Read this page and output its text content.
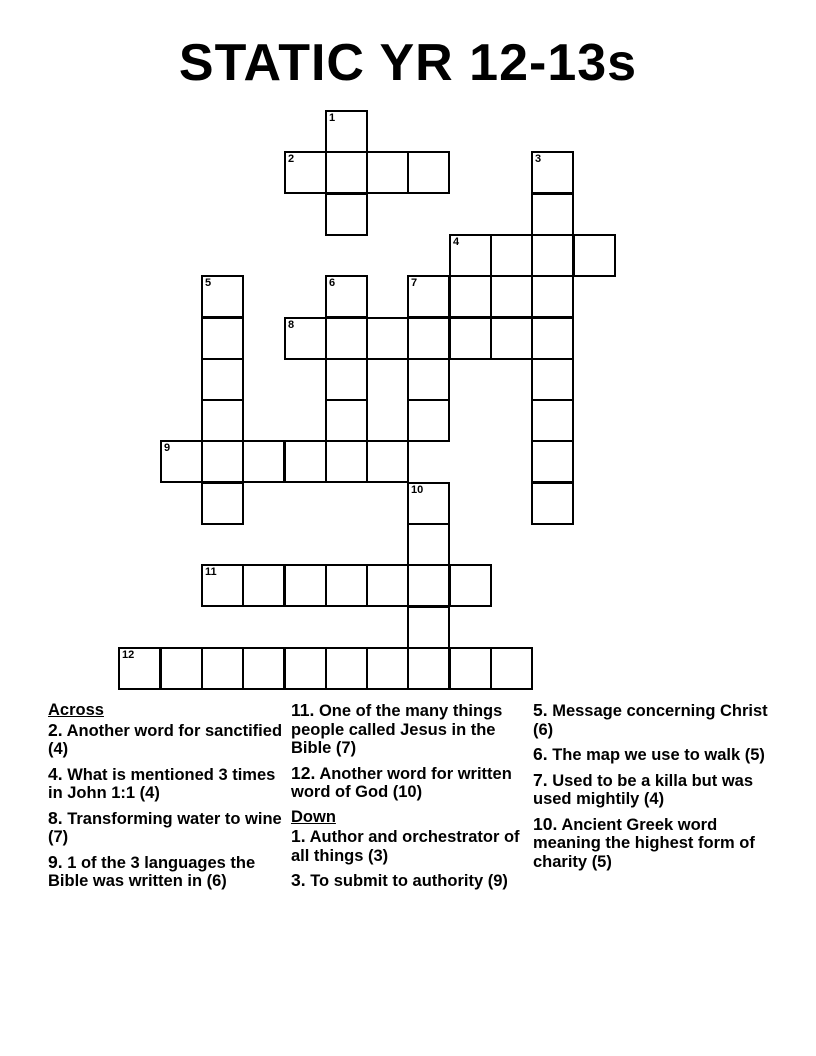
STATIC YR 12-13s
1
2	3
4
5	6	7
8
9
10
11
12
Across
2. Another word for sanctified (4)
4. What is mentioned 3 times in John 1:1 (4)
8. Transforming water to wine (7)
9. 1 of the 3 languages the Bible was written in (6)
11. One of the many things people called Jesus in the Bible (7)
12. Another word for written word of God (10)
Down
1. Author and orchestrator of all things (3)
3. To submit to authority (9)
5. Message concerning Christ (6)
6. The map we use to walk (5)
7. Used to be a killa but was used mightily (4)
10. Ancient Greek word meaning the highest form of charity (5)
